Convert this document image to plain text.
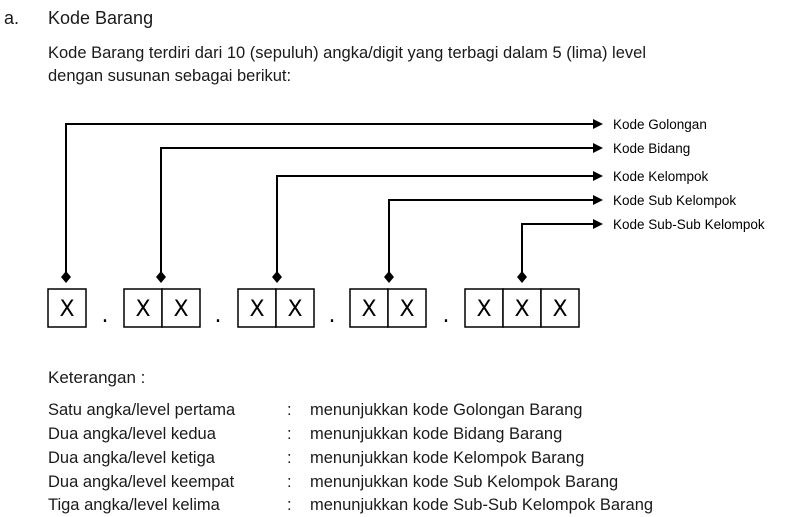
a. Kode Barang
Kode Barang terdiri dari 10 (sepuluh) angka/digit yang terbagi dalam 5 (lima) level
dengan susunan sebagai berikut:
Kode Golongan
Kode Bidang
Kode Kelompok
Kode Sub Kelompok
Kode Sub-Sub Kelompok
X . X X . X X . X X . X X X
Keterangan :
Satu angka/level pertama	: menunjukkan kode Golongan Barang
Dua angka/level kedua	: menunjukkan kode Bidang Barang
Dua angka/level ketiga	: menunjukkan kode Kelompok Barang
Dua angka/level keempat	: menunjukkan kode Sub Kelompok Barang
Tiga angka/level kelima	: menunjukkan kode Sub-Sub Kelompok Barang
